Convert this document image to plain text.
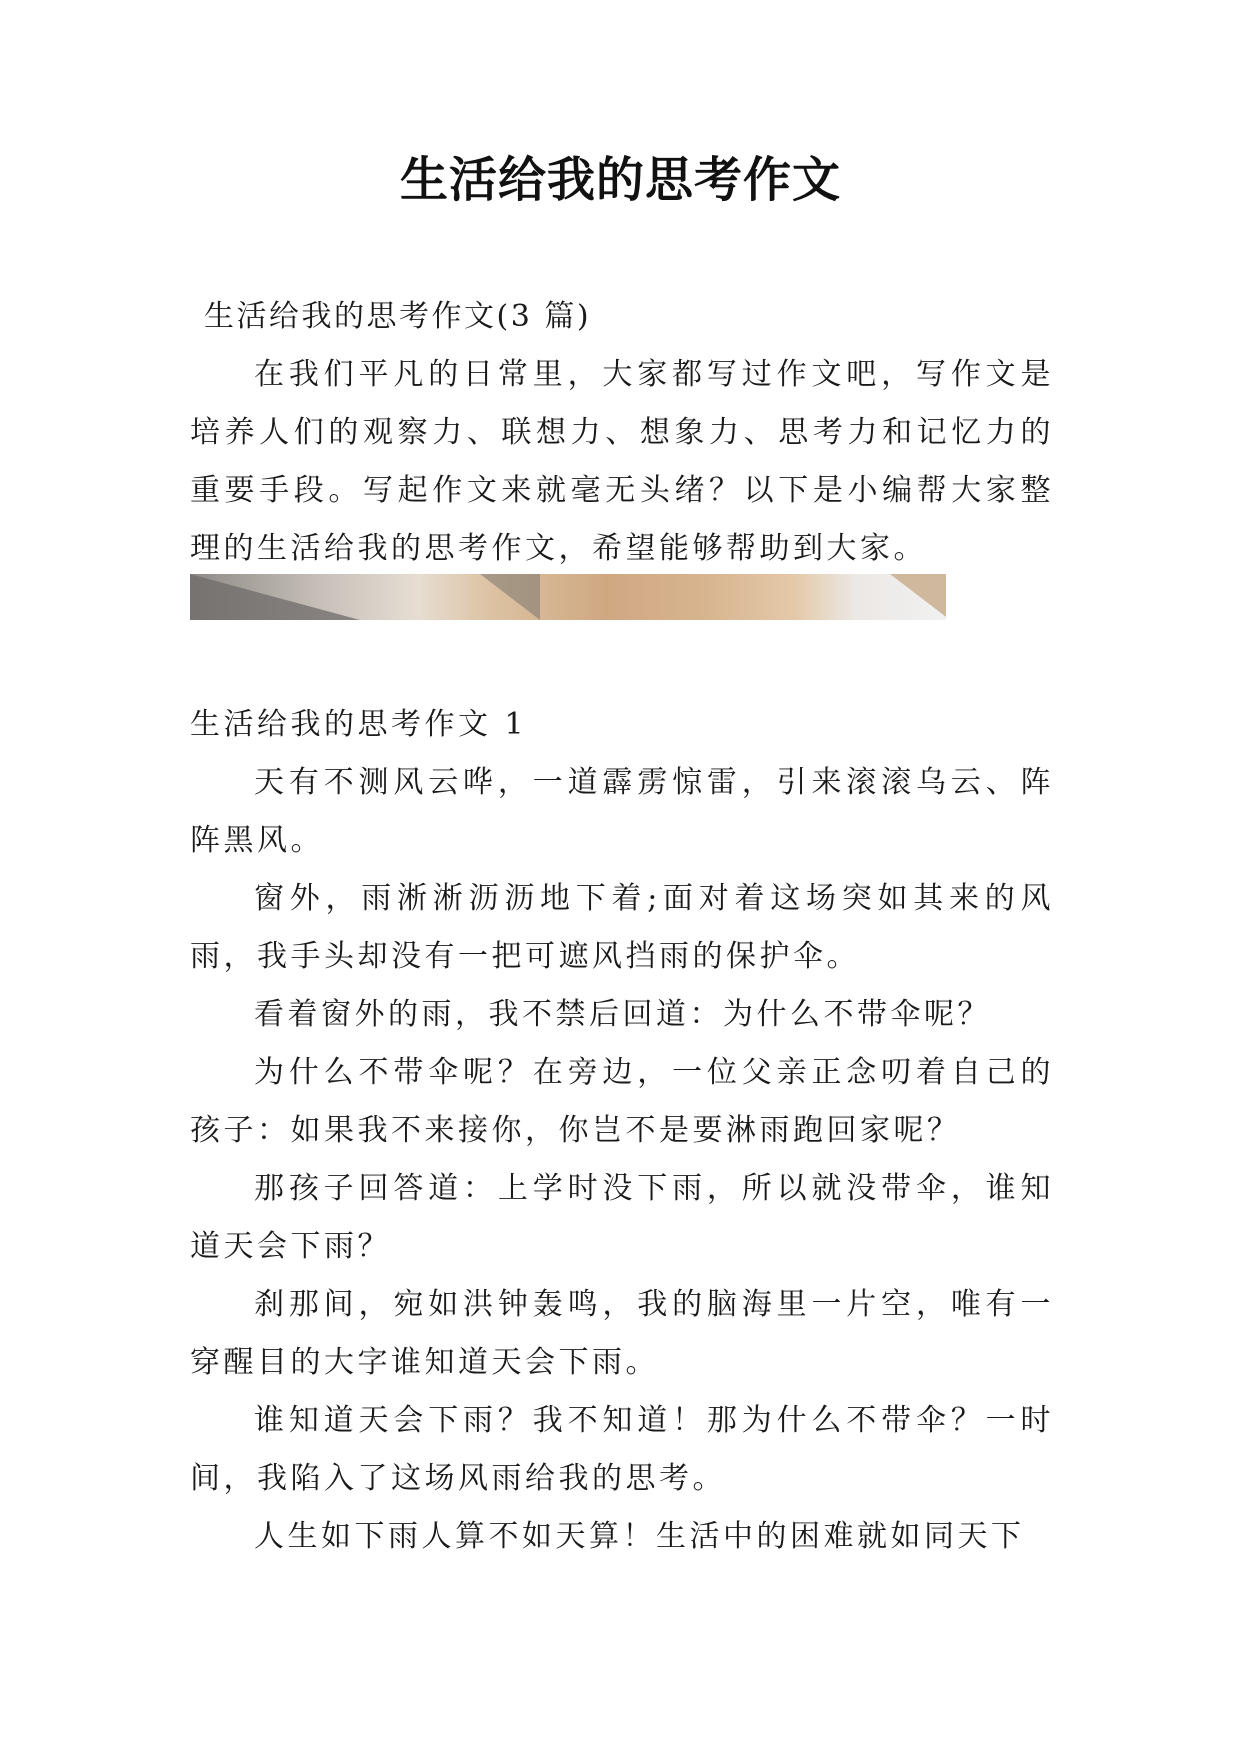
生活给我的思考作文

生活给我的思考作文(3 篇)

在我们平凡的日常里，大家都写过作文吧，写作文是培养人们的观察力、联想力、想象力、思考力和记忆力的重要手段。写起作文来就毫无头绪？以下是小编帮大家整理的生活给我的思考作文，希望能够帮助到大家。

生活给我的思考作文 1

天有不测风云哗，一道霹雳惊雷，引来滚滚乌云、阵阵黑风。

窗外，雨淅淅沥沥地下着;面对着这场突如其来的风雨，我手头却没有一把可遮风挡雨的保护伞。

看着窗外的雨，我不禁后回道：为什么不带伞呢？

为什么不带伞呢？在旁边，一位父亲正念叨着自己的孩子：如果我不来接你，你岂不是要淋雨跑回家呢？

那孩子回答道：上学时没下雨，所以就没带伞，谁知道天会下雨？

刹那间，宛如洪钟轰鸣，我的脑海里一片空，唯有一穿醒目的大字谁知道天会下雨。

谁知道天会下雨？我不知道！那为什么不带伞？一时间，我陷入了这场风雨给我的思考。

人生如下雨人算不如天算！生活中的困难就如同天下
